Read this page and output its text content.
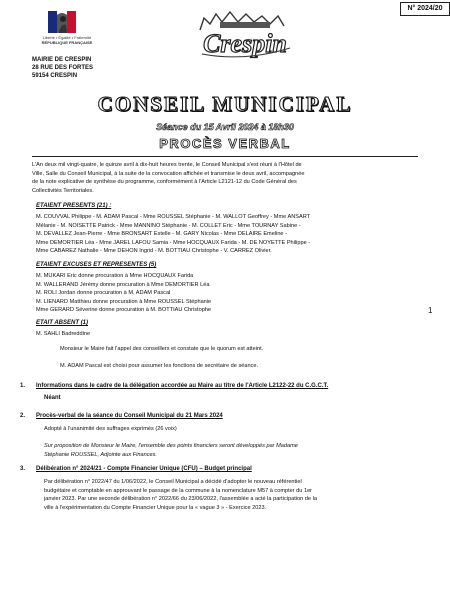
N° 2024/20
Liberté • Égalité • Fraternité
RÉPUBLIQUE FRANÇAISE
MAIRIE DE CRESPIN
28 RUE DES FORTES
59154 CRESPIN
Crespin
CONSEIL MUNICIPAL
Séance du 15 Avril 2024 à 18h30
PROCÈS VERBAL
L'An deux mil vingt-quatre, le quinze avril à dix-huit heures trente, le Conseil Municipal s'est réuni à l'Hôtel de
Ville, Salle du Conseil Municipal, à la suite de la convocation affichée et transmise le deux avril, accompagnée
de la note explicative de synthèse du programme, conformément à l'Article L2121-12 du Code Général des
Collectivités Territoriales.
ETAIENT PRESENTS (21) :
M. COUVVAL Philippe - M. ADAM Pascal - Mme ROUSSEL Stéphanie - M. WALLOT Geoffrey - Mme ANSART
Mélanie - M. NOISETTE Patrick - Mme MANNINO Stéphanie - M. COLLET Eric - Mme TOURNAY Sabine -
M. DEVALLEZ Jean-Pierre - Mme BRONSART Estelle - M. GARY Nicolas - Mme DELAIRE Emeline -
Mme DEMORTIER Léa - Mme JAREL LAFOU Samia - Mme HOCQUAUX Farida - M. DE NOYETTE Philippe -
Mme CABAREZ Nathalie - Mme DEHON Ingrid - M. BOTTIAU Christophe - V. CARREZ Olivier.
ETAIENT EXCUSES ET REPRESENTES (5)
M. MUKARI Eric donne procuration à Mme HOCQUAUX Farida
M. WALLERAND Jérémy donne procuration à Mme DEMORTIER Léa
M. ROLI Jordan donne procuration à M. ADAM Pascal
M. LIENARD Matthieu donne procuration à Mme ROUSSEL Stéphanie
Mme GERARD Séverine donne procuration à M. BOTTIAU Christophe	1
ETAIT ABSENT (1)
M. SAHLI Badreddine
Monsieur le Maire fait l'appel des conseillers et constate que le quorum est atteint.
M. ADAM Pascal est choisi pour assumer les fonctions de secrétaire de séance.
1. Informations dans le cadre de la délégation accordée au Maire au titre de l'Article L2122-22 du C.G.C.T.
Néant
2. Procès-verbal de la séance du Conseil Municipal du 21 Mars 2024
Adopté à l'unanimité des suffrages exprimés (26 voix)
Sur proposition de Monsieur le Maire, l'ensemble des points financiers seront développés par Madame
Stéphanie ROUSSEL, Adjointe aux Finances.
3. Délibération n° 2024/21 - Compte Financier Unique (CFU) – Budget principal
Par délibération n° 2022/47 du 1/06/2022, le Conseil Municipal a décidé d'adopter le nouveau référentiel
budgétaire et comptable en approuvant le passage de la commune à la nomenclature M57 à compter du 1er
janvier 2023. Par une seconde délibération n° 2022/66 du 23/06/2022, l'assemblée a acté la participation de la
ville à l'expérimentation du Compte Financier Unique pour la « vague 3 » - Exercice 2023.
